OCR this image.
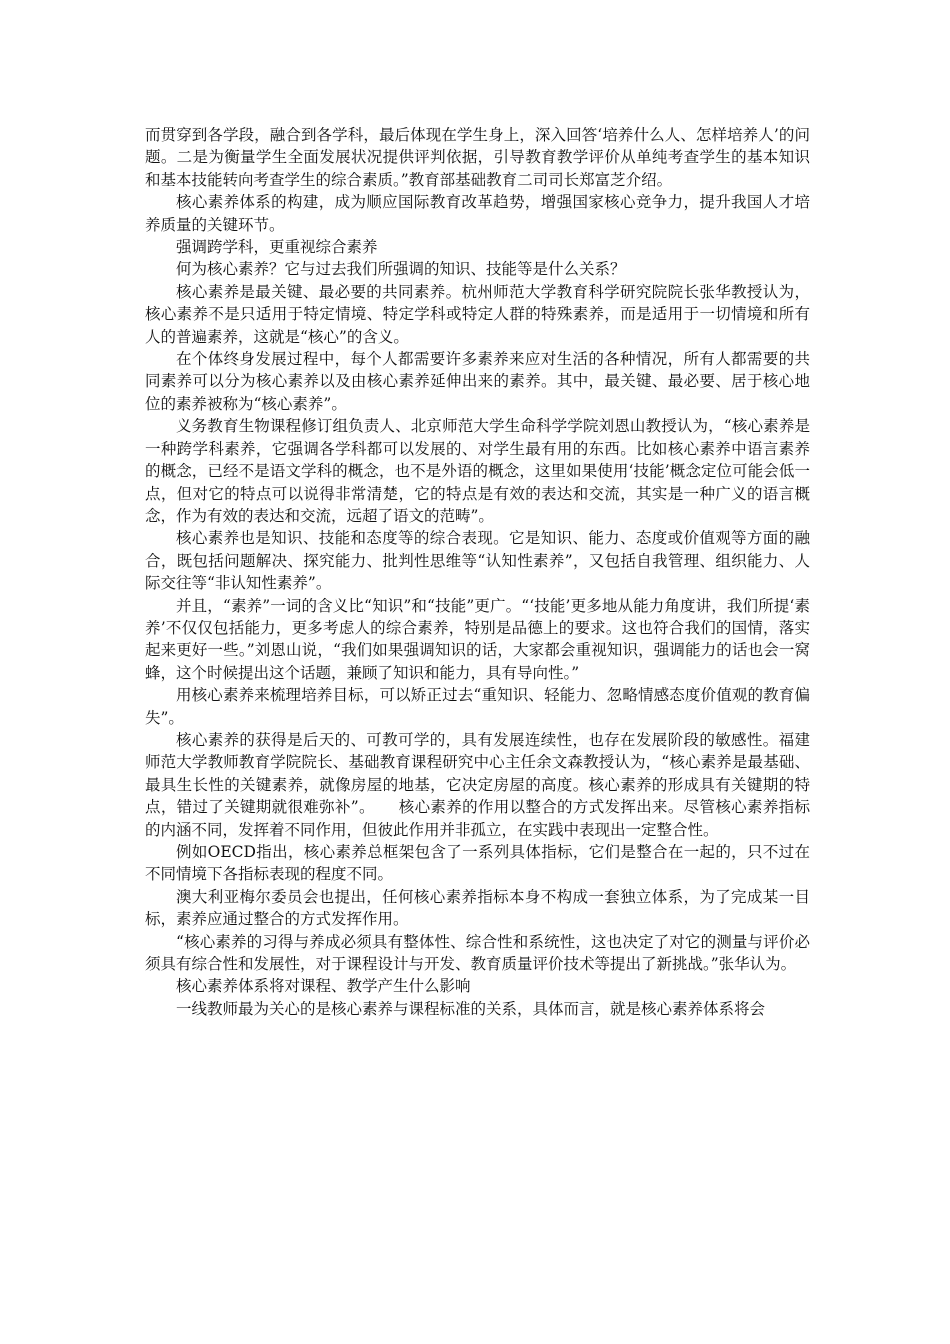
而贯穿到各学段，融合到各学科，最后体现在学生身上，深入回答‘培养什么人、怎样培养人’的问题。二是为衡量学生全面发展状况提供评判依据，引导教育教学评价从单纯考查学生的基本知识和基本技能转向考查学生的综合素质。”教育部基础教育二司司长郑富芝介绍。

核心素养体系的构建，成为顺应国际教育改革趋势，增强国家核心竞争力，提升我国人才培养质量的关键环节。

强调跨学科，更重视综合素养

何为核心素养？它与过去我们所强调的知识、技能等是什么关系？

核心素养是最关键、最必要的共同素养。杭州师范大学教育科学研究院院长张华教授认为，核心素养不是只适用于特定情境、特定学科或特定人群的特殊素养，而是适用于一切情境和所有人的普遍素养，这就是“核心”的含义。

在个体终身发展过程中，每个人都需要许多素养来应对生活的各种情况，所有人都需要的共同素养可以分为核心素养以及由核心素养延伸出来的素养。其中，最关键、最必要、居于核心地位的素养被称为“核心素养”。

义务教育生物课程修订组负责人、北京师范大学生命科学学院刘恩山教授认为，“核心素养是一种跨学科素养，它强调各学科都可以发展的、对学生最有用的东西。比如核心素养中语言素养的概念，已经不是语文学科的概念，也不是外语的概念，这里如果使用‘技能’概念定位可能会低一点，但对它的特点可以说得非常清楚，它的特点是有效的表达和交流，其实是一种广义的语言概念，作为有效的表达和交流，远超了语文的范畴”。

核心素养也是知识、技能和态度等的综合表现。它是知识、能力、态度或价值观等方面的融合，既包括问题解决、探究能力、批判性思维等“认知性素养”，又包括自我管理、组织能力、人际交往等“非认知性素养”。

并且，“素养”一词的含义比“知识”和“技能”更广。“‘技能’更多地从能力角度讲，我们所提‘素养’不仅仅包括能力，更多考虑人的综合素养，特别是品德上的要求。这也符合我们的国情，落实起来更好一些。”刘恩山说，“我们如果强调知识的话，大家都会重视知识，强调能力的话也会一窝蜂，这个时候提出这个话题，兼顾了知识和能力，具有导向性。”

用核心素养来梳理培养目标，可以矫正过去“重知识、轻能力、忽略情感态度价值观的教育偏失”。

核心素养的获得是后天的、可教可学的，具有发展连续性，也存在发展阶段的敏感性。福建师范大学教师教育学院院长、基础教育课程研究中心主任余文森教授认为，“核心素养是最基础、最具生长性的关键素养，就像房屋的地基，它决定房屋的高度。核心素养的形成具有关键期的特点，错过了关键期就很难弥补”。　　核心素养的作用以整合的方式发挥出来。尽管核心素养指标的内涵不同，发挥着不同作用，但彼此作用并非孤立，在实践中表现出一定整合性。

例如OECD指出，核心素养总框架包含了一系列具体指标，它们是整合在一起的，只不过在不同情境下各指标表现的程度不同。

澳大利亚梅尔委员会也提出，任何核心素养指标本身不构成一套独立体系，为了完成某一目标，素养应通过整合的方式发挥作用。

“核心素养的习得与养成必须具有整体性、综合性和系统性，这也决定了对它的测量与评价必须具有综合性和发展性，对于课程设计与开发、教育质量评价技术等提出了新挑战。”张华认为。

核心素养体系将对课程、教学产生什么影响

一线教师最为关心的是核心素养与课程标准的关系，具体而言，就是核心素养体系将会
